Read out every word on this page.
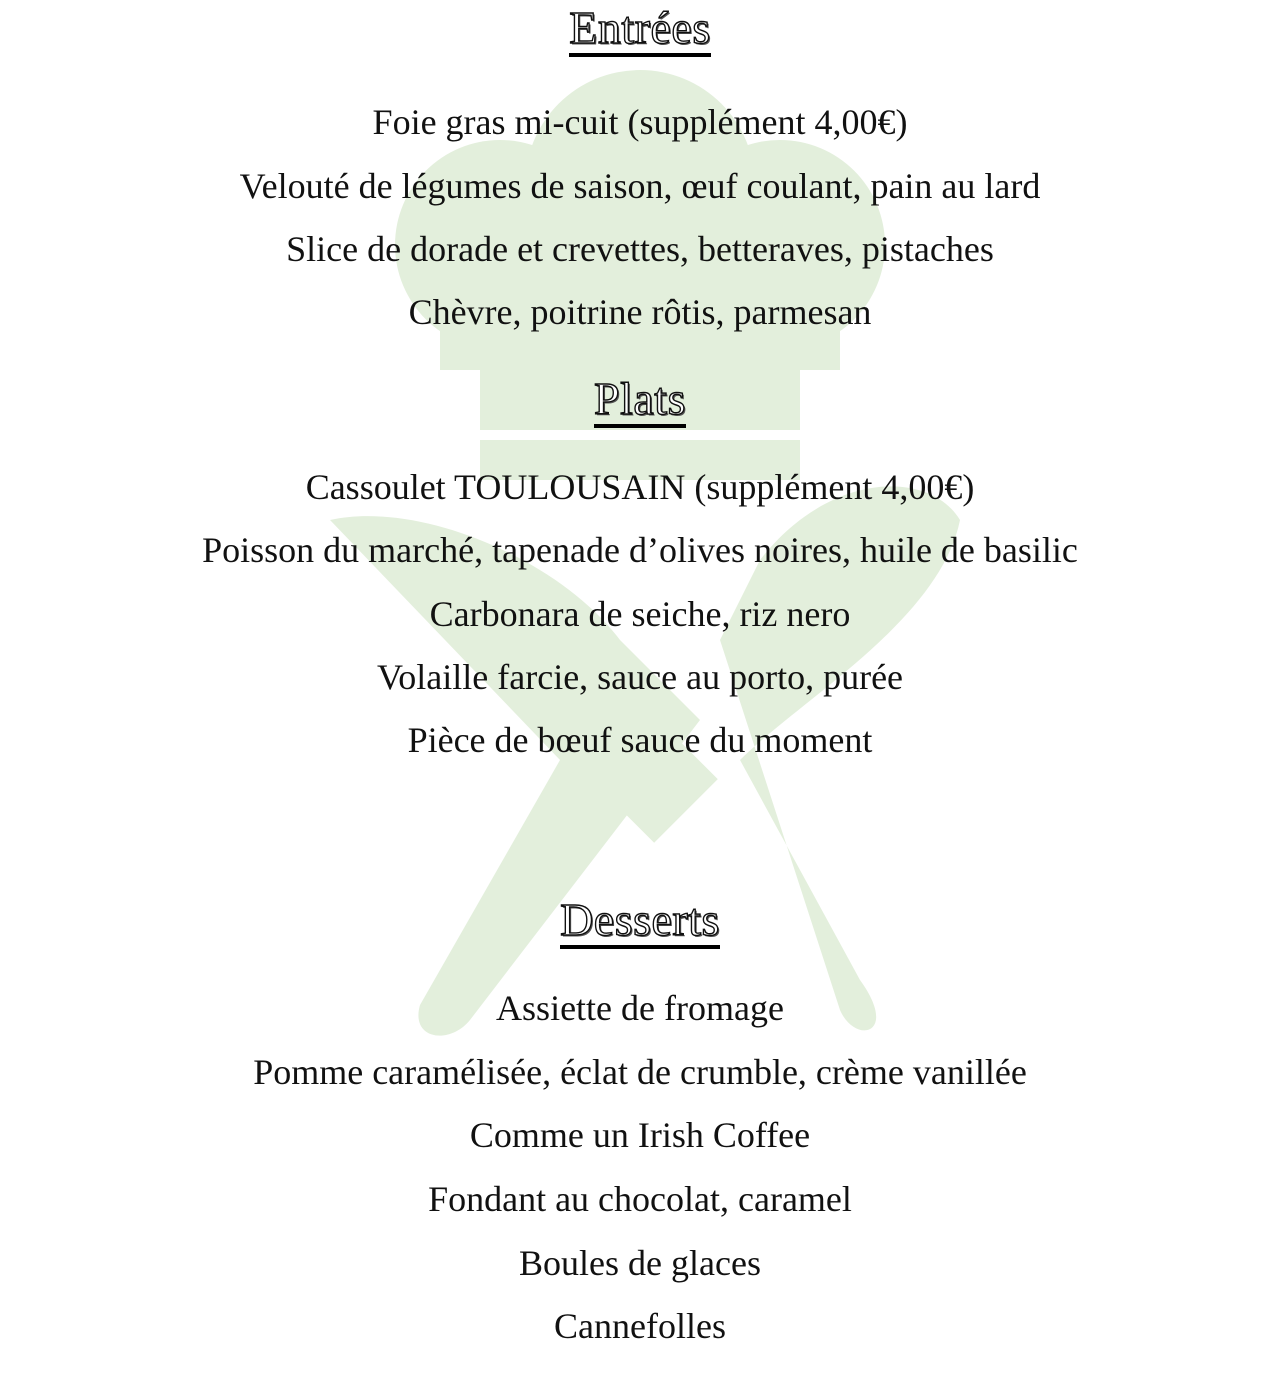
Entrées
Foie gras mi-cuit (supplément 4,00€)
Velouté de légumes de saison, œuf coulant, pain au lard
Slice de dorade et crevettes, betteraves, pistaches
Chèvre, poitrine rôtis, parmesan
Plats
Cassoulet TOULOUSAIN (supplément 4,00€)
Poisson du marché, tapenade d’olives noires, huile de basilic
Carbonara de seiche, riz nero
Volaille farcie, sauce au porto, purée
Pièce de bœuf sauce du moment
Desserts
Assiette de fromage
Pomme caramélisée, éclat de crumble, crème vanillée
Comme un Irish Coffee
Fondant au chocolat, caramel
Boules de glaces
Cannefolles
